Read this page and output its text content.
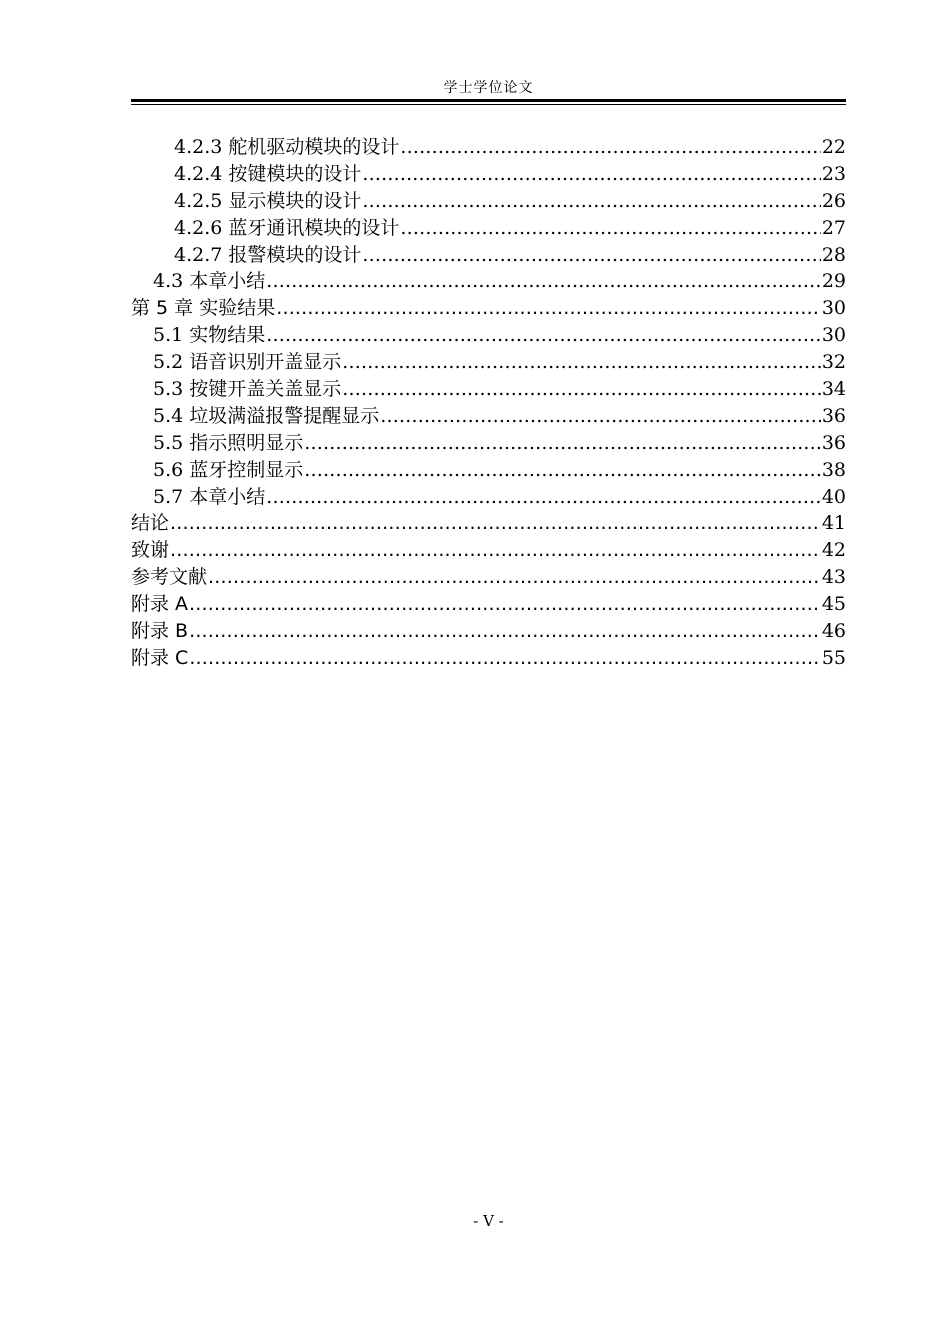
学士学位论文
4.2.3 舵机驱动模块的设计 .....	22
4.2.4 按键模块的设计 .....	23
4.2.5 显示模块的设计 .....	26
4.2.6 蓝牙通讯模块的设计 .....	27
4.2.7 报警模块的设计 .....	28
4.3 本章小结 .....	29
第 5 章 实验结果 .....	30
5.1 实物结果 .....	30
5.2 语音识别开盖显示 .....	32
5.3 按键开盖关盖显示 .....	34
5.4 垃圾满溢报警提醒显示 .....	36
5.5 指示照明显示 .....	36
5.6 蓝牙控制显示 .....	38
5.7 本章小结 .....	40
结论 .....	41
致谢 .....	42
参考文献 .....	43
附录 A .....	45
附录 B .....	46
附录 C .....	55
- V -
